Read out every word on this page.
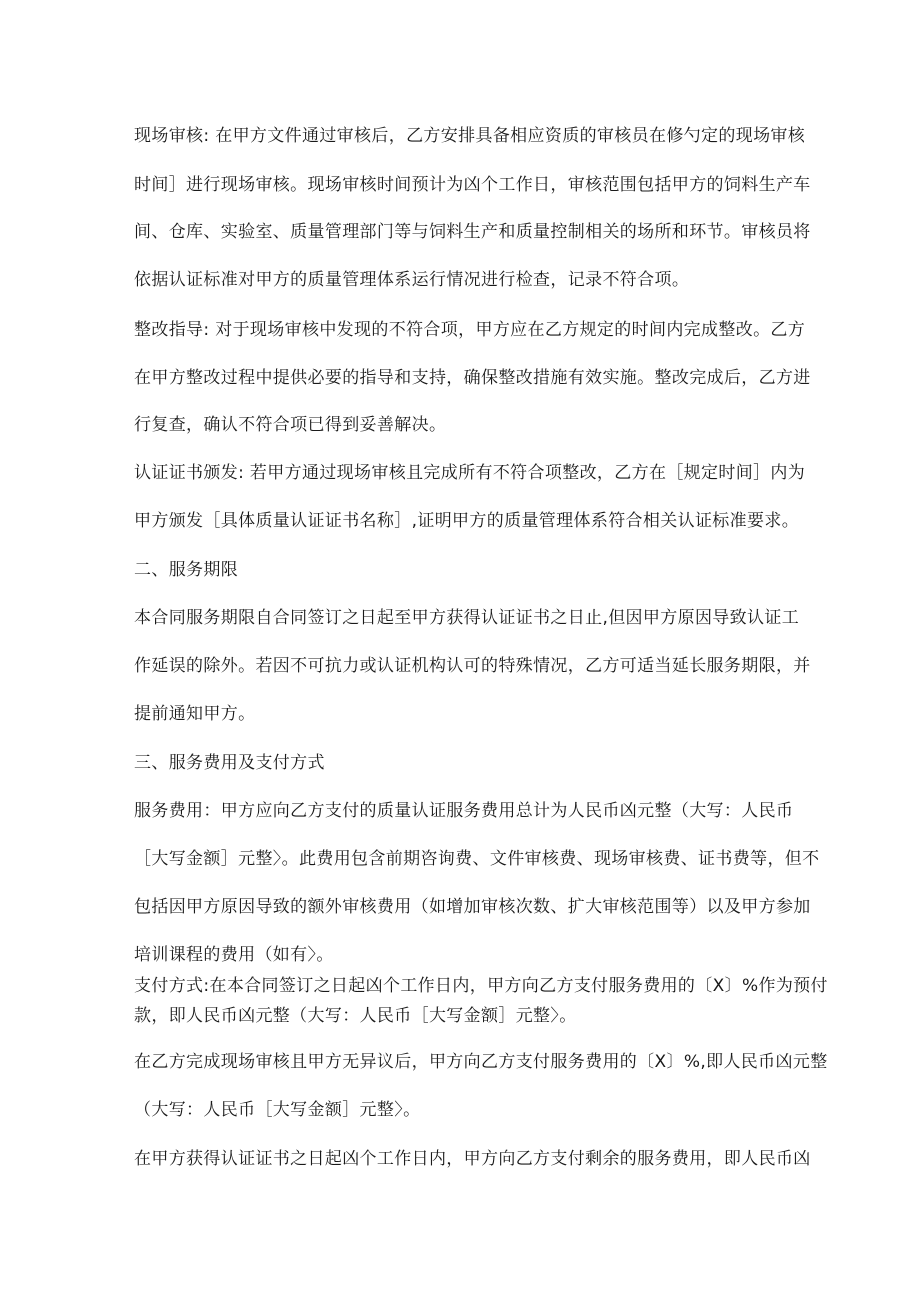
现场审核: 在甲方文件通过审核后，乙方安排具备相应资质的审核员在修勺定的现场审核
时间］进行现场审核。现场审核时间预计为凶个工作日，审核范围包括甲方的饲料生产车
间、仓库、实验室、质量管理部门等与饲料生产和质量控制相关的场所和环节。审核员将
依据认证标准对甲方的质量管理体系运行情况进行检查，记录不符合项。
整改指导: 对于现场审核中发现的不符合项，甲方应在乙方规定的时间内完成整改。乙方
在甲方整改过程中提供必要的指导和支持，确保整改措施有效实施。整改完成后，乙方进
行复查，确认不符合项已得到妥善解决。
认证证书颁发: 若甲方通过现场审核且完成所有不符合项整改，乙方在［规定时间］内为
甲方颁发［具体质量认证证书名称］,证明甲方的质量管理体系符合相关认证标准要求。
二、服务期限
本合同服务期限自合同签订之日起至甲方获得认证证书之日止,但因甲方原因导致认证工
作延误的除外。若因不可抗力或认证机构认可的特殊情况，乙方可适当延长服务期限，并
提前通知甲方。
三、服务费用及支付方式
服务费用：甲方应向乙方支付的质量认证服务费用总计为人民币凶元整（大写：人民币
［大写金额］元整〉。此费用包含前期咨询费、文件审核费、现场审核费、证书费等，但不
包括因甲方原因导致的额外审核费用（如增加审核次数、扩大审核范围等）以及甲方参加
培训课程的费用（如有〉。
支付方式:在本合同签订之日起凶个工作日内，甲方向乙方支付服务费用的〔X〕%作为预付
款，即人民币凶元整（大写：人民币［大写金额］元整〉。
在乙方完成现场审核且甲方无异议后，甲方向乙方支付服务费用的〔X〕%,即人民币凶元整
（大写：人民币［大写金额］元整〉。
在甲方获得认证证书之日起凶个工作日内，甲方向乙方支付剩余的服务费用，即人民币凶
